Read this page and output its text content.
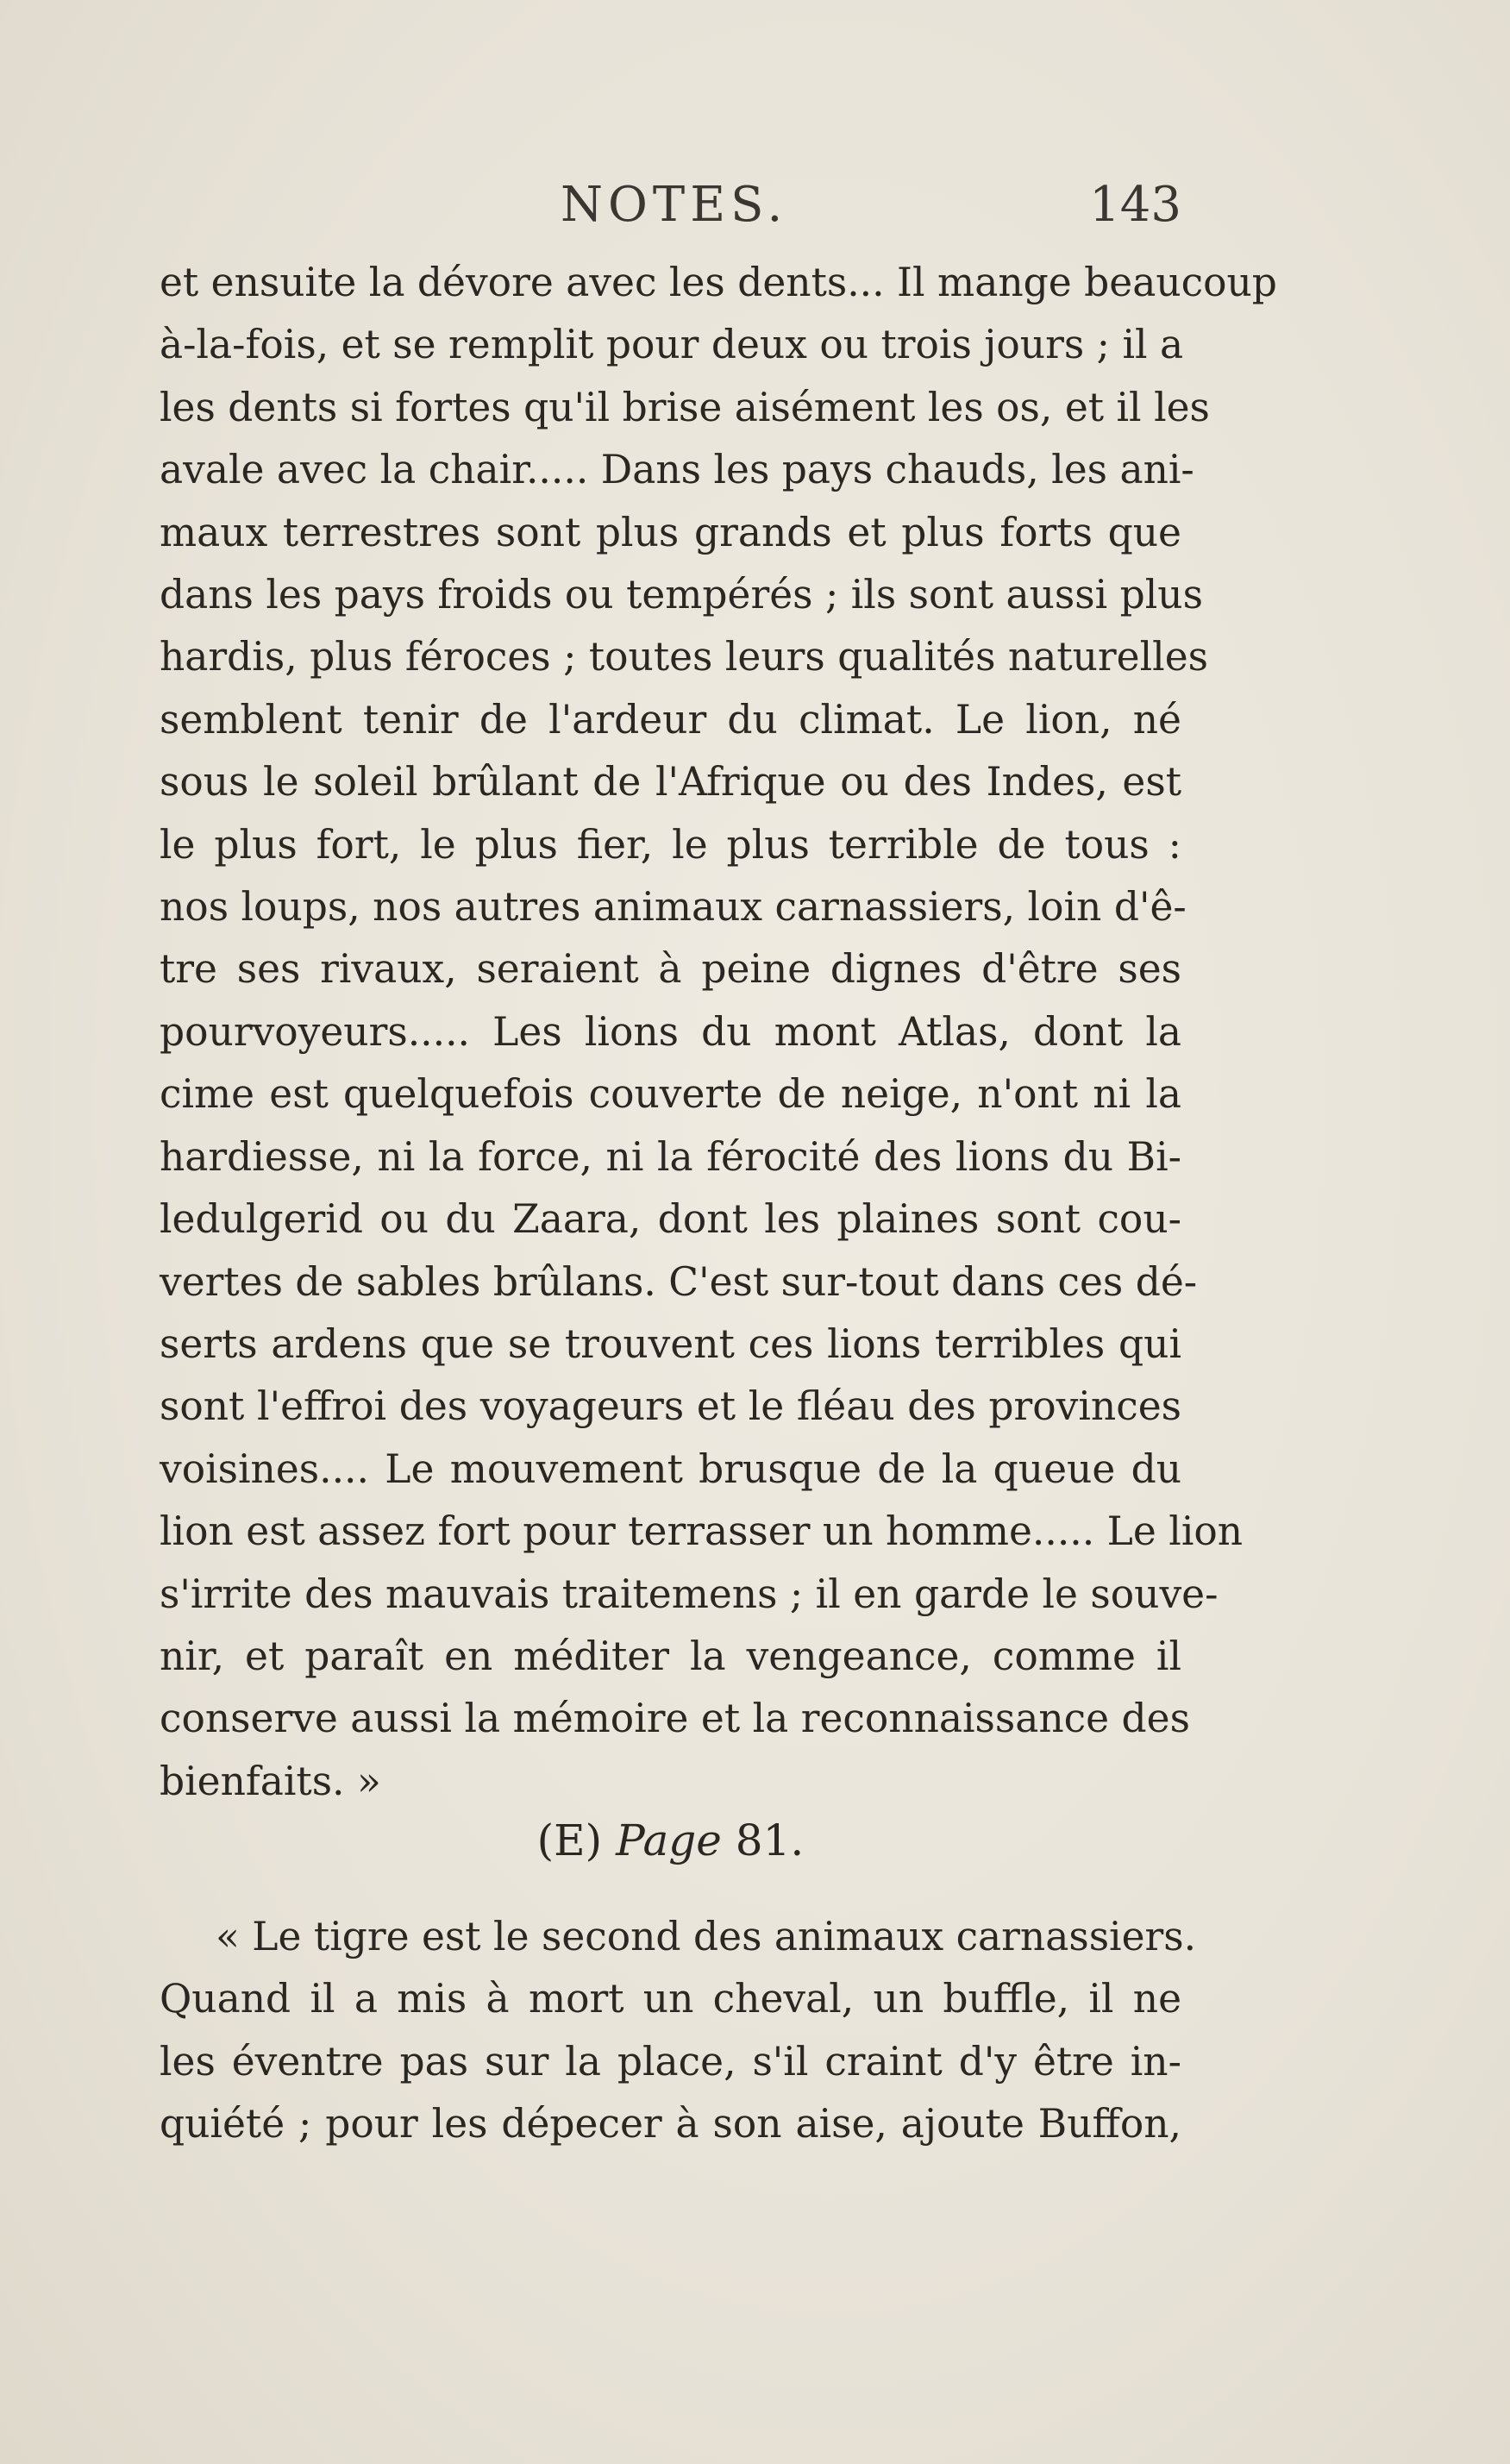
NOTES.	143
et ensuite la dévore avec les dents... Il mange beaucoup
à-la-fois, et se remplit pour deux ou trois jours ; il a
les dents si fortes qu'il brise aisément les os, et il les
avale avec la chair..... Dans les pays chauds, les ani-
maux terrestres sont plus grands et plus forts que
dans les pays froids ou tempérés ; ils sont aussi plus
hardis, plus féroces ; toutes leurs qualités naturelles
semblent tenir de l'ardeur du climat. Le lion, né
sous le soleil brûlant de l'Afrique ou des Indes, est
le plus fort, le plus fier, le plus terrible de tous :
nos loups, nos autres animaux carnassiers, loin d'ê-
tre ses rivaux, seraient à peine dignes d'être ses
pourvoyeurs..... Les lions du mont Atlas, dont la
cime est quelquefois couverte de neige, n'ont ni la
hardiesse, ni la force, ni la férocité des lions du Bi-
ledulgerid ou du Zaara, dont les plaines sont cou-
vertes de sables brûlans. C'est sur-tout dans ces dé-
serts ardens que se trouvent ces lions terribles qui
sont l'effroi des voyageurs et le fléau des provinces
voisines.... Le mouvement brusque de la queue du
lion est assez fort pour terrasser un homme..... Le lion
s'irrite des mauvais traitemens ; il en garde le souve-
nir, et paraît en méditer la vengeance, comme il
conserve aussi la mémoire et la reconnaissance des
bienfaits. »
(E) Page 81.
« Le tigre est le second des animaux carnassiers.
Quand il a mis à mort un cheval, un buffle, il ne
les éventre pas sur la place, s'il craint d'y être in-
quiété ; pour les dépecer à son aise, ajoute Buffon,
